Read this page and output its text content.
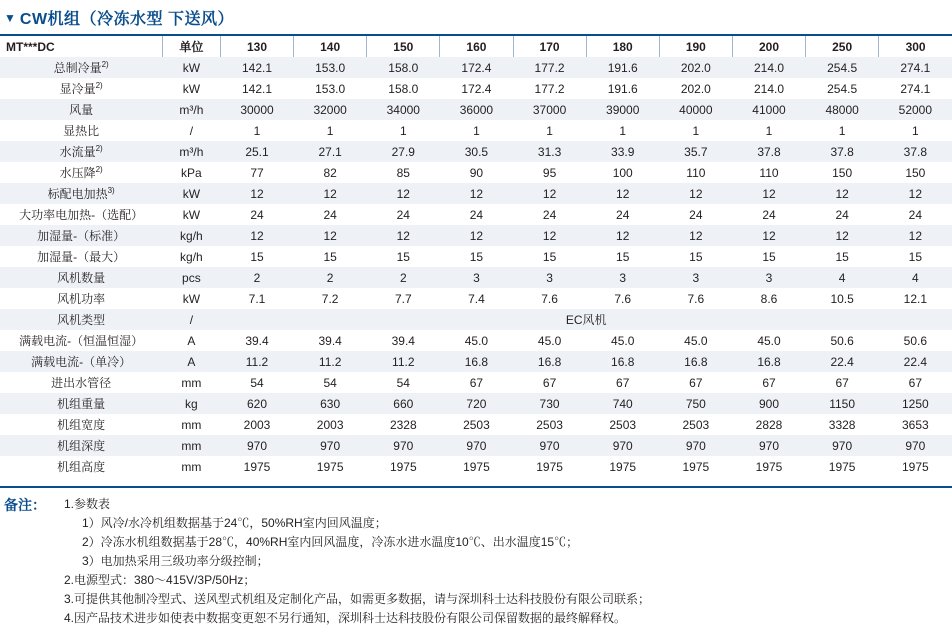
▼ CW机组（冷冻水型 下送风）
MT***DC	单位	130	140	150	160	170	180	190	200	250	300
总制冷量$^{2)}$	kW	142.1	153.0	158.0	172.4	177.2	191.6	202.0	214.0	254.5	274.1
显冷量$^{2)}$	kW	142.1	153.0	158.0	172.4	177.2	191.6	202.0	214.0	254.5	274.1
风量	m³/h	30000	32000	34000	36000	37000	39000	40000	41000	48000	52000
显热比	/	1	1	1	1	1	1	1	1	1	1
水流量$^{2)}$	m³/h	25.1	27.1	27.9	30.5	31.3	33.9	35.7	37.8	37.8	37.8
水压降$^{2)}$	kPa	77	82	85	90	95	100	110	110	150	150
标配电加热$^{3)}$	kW	12	12	12	12	12	12	12	12	12	12
大功率电加热-（选配）	kW	24	24	24	24	24	24	24	24	24	24
加湿量-（标准）	kg/h	12	12	12	12	12	12	12	12	12	12
加湿量-（最大）	kg/h	15	15	15	15	15	15	15	15	15	15
风机数量	pcs	2	2	2	3	3	3	3	3	4	4
风机功率	kW	7.1	7.2	7.7	7.4	7.6	7.6	7.6	8.6	10.5	12.1
风机类型	/	EC风机									
满载电流-（恒温恒湿）	A	39.4	39.4	39.4	45.0	45.0	45.0	45.0	45.0	50.6	50.6
满载电流-（单冷）	A	11.2	11.2	11.2	16.8	16.8	16.8	16.8	16.8	22.4	22.4
进出水管径	mm	54	54	54	67	67	67	67	67	67	67
机组重量	kg	620	630	660	720	730	740	750	900	1150	1250
机组宽度	mm	2003	2003	2328	2503	2503	2503	2503	2828	3328	3653
机组深度	mm	970	970	970	970	970	970	970	970	970	970
机组高度	mm	1975	1975	1975	1975	1975	1975	1975	1975	1975	1975
备注：	1.参数表
1）风冷/水冷机组数据基于24℃，50%RH室内回风温度；
2）冷冻水机组数据基于28℃，40%RH室内回风温度，冷冻水进水温度10℃、出水温度15℃；
3）电加热采用三级功率分级控制；
2.电源型式：380～415V/3P/50Hz；
3.可提供其他制冷型式、送风型式机组及定制化产品，如需更多数据，请与深圳科士达科技股份有限公司联系；
4.因产品技术进步如使表中数据变更恕不另行通知，深圳科士达科技股份有限公司保留数据的最终解释权。
